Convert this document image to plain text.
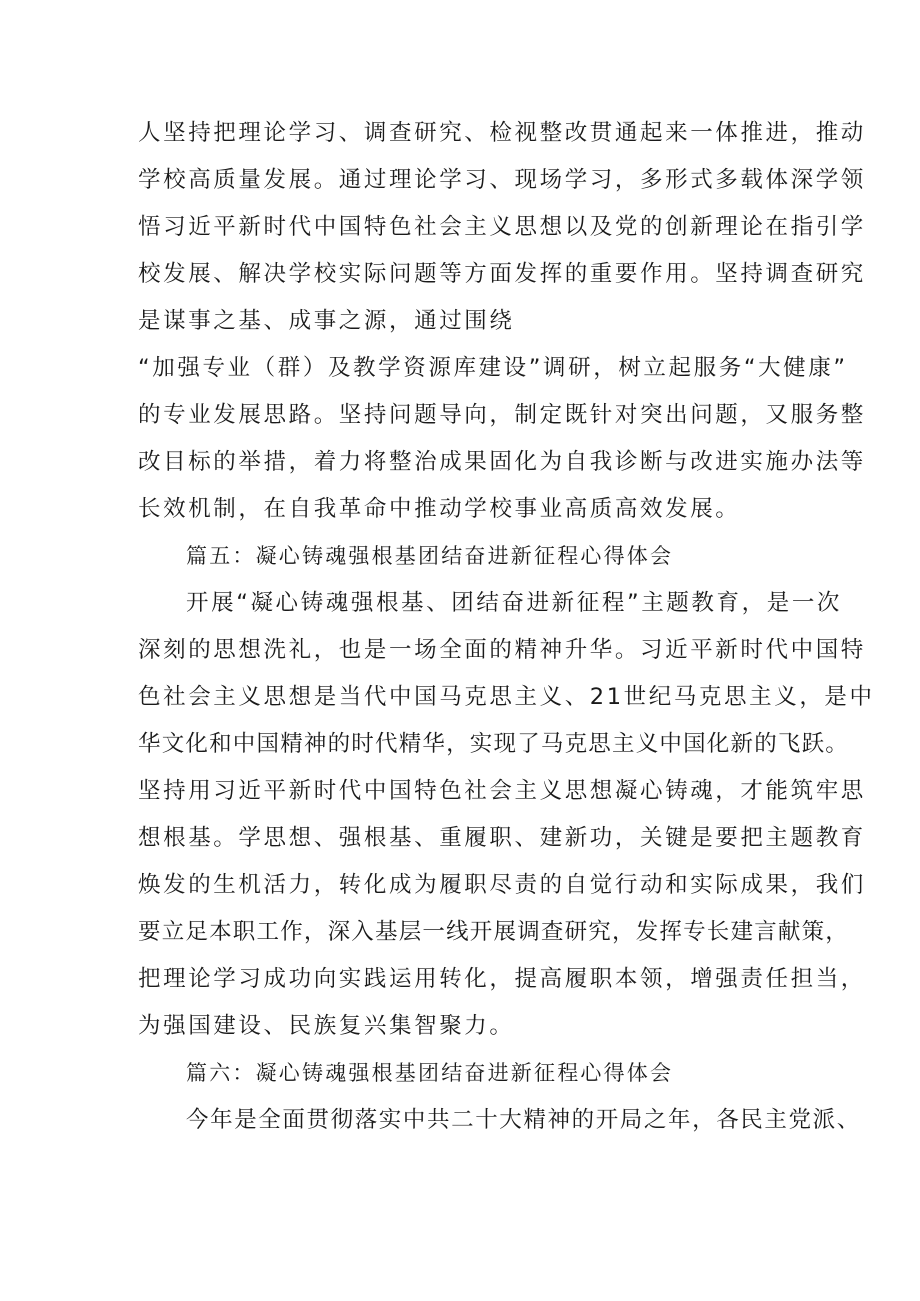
人坚持把理论学习、调查研究、检视整改贯通起来一体推进，推动
学校高质量发展。通过理论学习、现场学习，多形式多载体深学领
悟习近平新时代中国特色社会主义思想以及党的创新理论在指引学
校发展、解决学校实际问题等方面发挥的重要作用。坚持调查研究
是谋事之基、成事之源，通过围绕
“加强专业（群）及教学资源库建设”调研，树立起服务“大健康”
的专业发展思路。坚持问题导向，制定既针对突出问题，又服务整
改目标的举措，着力将整治成果固化为自我诊断与改进实施办法等
长效机制，在自我革命中推动学校事业高质高效发展。
篇五：凝心铸魂强根基团结奋进新征程心得体会
开展“凝心铸魂强根基、团结奋进新征程”主题教育，是一次
深刻的思想洗礼，也是一场全面的精神升华。习近平新时代中国特
色社会主义思想是当代中国马克思主义、21世纪马克思主义，是中
华文化和中国精神的时代精华，实现了马克思主义中国化新的飞跃。
坚持用习近平新时代中国特色社会主义思想凝心铸魂，才能筑牢思
想根基。学思想、强根基、重履职、建新功，关键是要把主题教育
焕发的生机活力，转化成为履职尽责的自觉行动和实际成果，我们
要立足本职工作，深入基层一线开展调查研究，发挥专长建言献策，
把理论学习成功向实践运用转化，提高履职本领，增强责任担当，
为强国建设、民族复兴集智聚力。
篇六：凝心铸魂强根基团结奋进新征程心得体会
今年是全面贯彻落实中共二十大精神的开局之年，各民主党派、
